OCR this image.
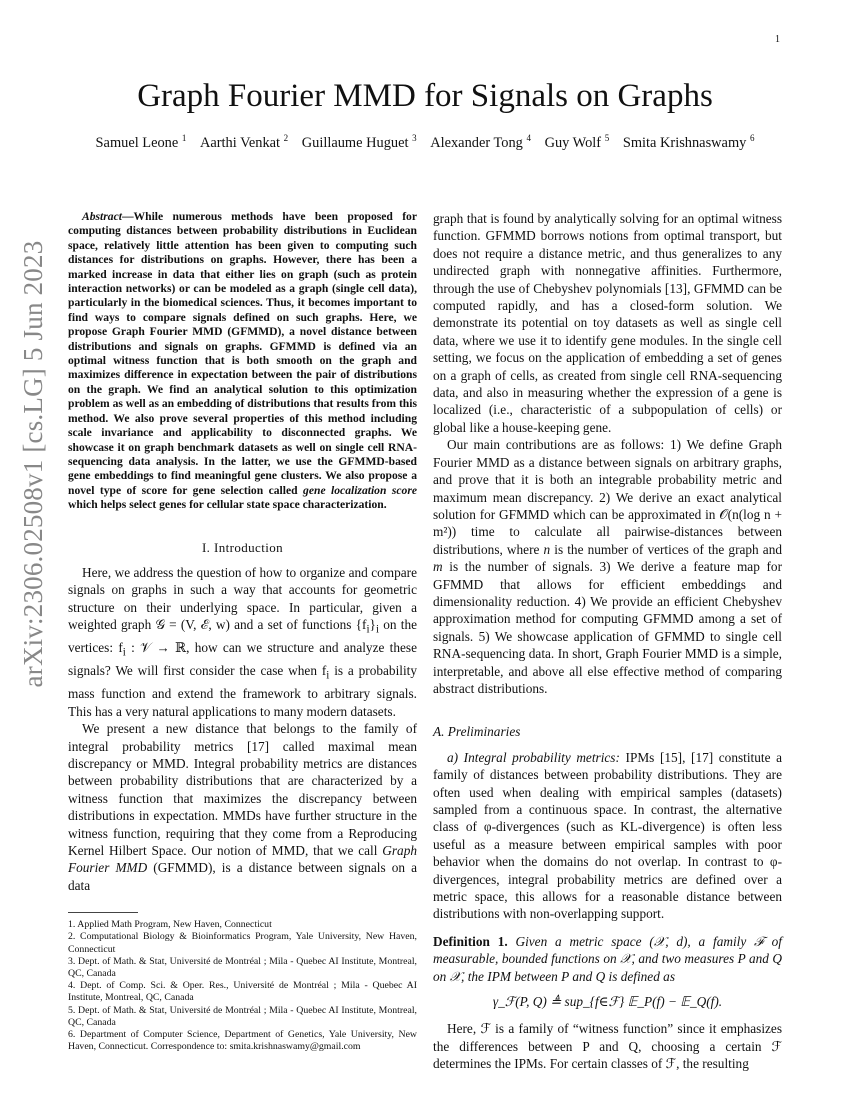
1
arXiv:2306.02508v1 [cs.LG] 5 Jun 2023
Graph Fourier MMD for Signals on Graphs
Samuel Leone $^1$ Aarthi Venkat $^2$ Guillaume Huguet $^3$ Alexander Tong $^4$ Guy Wolf $^5$ Smita Krishnaswamy $^6$

Abstract—While numerous methods have been proposed for computing distances between probability distributions in Euclidean space, relatively little attention has been given to computing such distances for distributions on graphs. However, there has been a marked increase in data that either lies on graph (such as protein interaction networks) or can be modeled as a graph (single cell data), particularly in the biomedical sciences. Thus, it becomes important to find ways to compare signals defined on such graphs. Here, we propose Graph Fourier MMD (GFMMD), a novel distance between distributions and signals on graphs. GFMMD is defined via an optimal witness function that is both smooth on the graph and maximizes difference in expectation between the pair of distributions on the graph. We find an analytical solution to this optimization problem as well as an embedding of distributions that results from this method. We also prove several properties of this method including scale invariance and applicability to disconnected graphs. We showcase it on graph benchmark datasets as well on single cell RNA-sequencing data analysis. In the latter, we use the GFMMD-based gene embeddings to find meaningful gene clusters. We also propose a novel type of score for gene selection called gene localization score which helps select genes for cellular state space characterization.

I. Introduction

Here, we address the question of how to organize and compare signals on graphs in such a way that accounts for geometric structure on their underlying space. In particular, given a weighted graph 𝒢 = (V, ℰ, w) and a set of functions $\{f_i\}_i$ on the vertices: $f_i$ : 𝒱 → ℝ, how can we structure and analyze these signals? We will first consider the case when $f_i$ is a probability mass function and extend the framework to arbitrary signals. This has a very natural applications to many modern datasets.

We present a new distance that belongs to the family of integral probability metrics [17] called maximal mean discrepancy or MMD. Integral probability metrics are distances between probability distributions that are characterized by a witness function that maximizes the discrepancy between distributions in expectation. MMDs have further structure in the witness function, requiring that they come from a Reproducing Kernel Hilbert Space. Our notion of MMD, that we call Graph Fourier MMD (GFMMD), is a distance between signals on a data

1. Applied Math Program, New Haven, Connecticut
2. Computational Biology & Bioinformatics Program, Yale University, New Haven, Connecticut
3. Dept. of Math. & Stat, Université de Montréal ; Mila - Quebec AI Institute, Montreal, QC, Canada
4. Dept. of Comp. Sci. & Oper. Res., Université de Montréal ; Mila - Quebec AI Institute, Montreal, QC, Canada
5. Dept. of Math. & Stat, Université de Montréal ; Mila - Quebec AI Institute, Montreal, QC, Canada
6. Department of Computer Science, Department of Genetics, Yale University, New Haven, Connecticut. Correspondence to: smita.krishnaswamy@gmail.com

graph that is found by analytically solving for an optimal witness function. GFMMD borrows notions from optimal transport, but does not require a distance metric, and thus generalizes to any undirected graph with nonnegative affinities. Furthermore, through the use of Chebyshev polynomials [13], GFMMD can be computed rapidly, and has a closed-form solution. We demonstrate its potential on toy datasets as well as single cell data, where we use it to identify gene modules. In the single cell setting, we focus on the application of embedding a set of genes on a graph of cells, as created from single cell RNA-sequencing data, and also in measuring whether the expression of a gene is localized (i.e., characteristic of a subpopulation of cells) or global like a house-keeping gene.

Our main contributions are as follows: 1) We define Graph Fourier MMD as a distance between signals on arbitrary graphs, and prove that it is both an integrable probability metric and maximum mean discrepancy. 2) We derive an exact analytical solution for GFMMD which can be approximated in 𝒪(n(log n + m²)) time to calculate all pairwise-distances between distributions, where n is the number of vertices of the graph and m is the number of signals. 3) We derive a feature map for GFMMD that allows for efficient embeddings and dimensionality reduction. 4) We provide an efficient Chebyshev approximation method for computing GFMMD among a set of signals. 5) We showcase application of GFMMD to single cell RNA-sequencing data. In short, Graph Fourier MMD is a simple, interpretable, and above all else effective method of comparing abstract distributions.

A. Preliminaries

a) Integral probability metrics: IPMs [15], [17] constitute a family of distances between probability distributions. They are often used when dealing with empirical samples (datasets) sampled from a continuous space. In contrast, the alternative class of φ-divergences (such as KL-divergence) is often less useful as a measure between empirical samples with poor behavior when the domains do not overlap. In contrast to φ-divergences, integral probability metrics are defined over a metric space, this allows for a reasonable distance between distributions with non-overlapping support.

Definition 1. Given a metric space (𝒳, d), a family ℱ of measurable, bounded functions on 𝒳, and two measures P and Q on 𝒳, the IPM between P and Q is defined as

γ_ℱ(P, Q) ≜ sup_{f∈ℱ} 𝔼_P(f) − 𝔼_Q(f).

Here, ℱ is a family of “witness function” since it emphasizes the differences between P and Q, choosing a certain ℱ determines the IPMs. For certain classes of ℱ, the resulting
